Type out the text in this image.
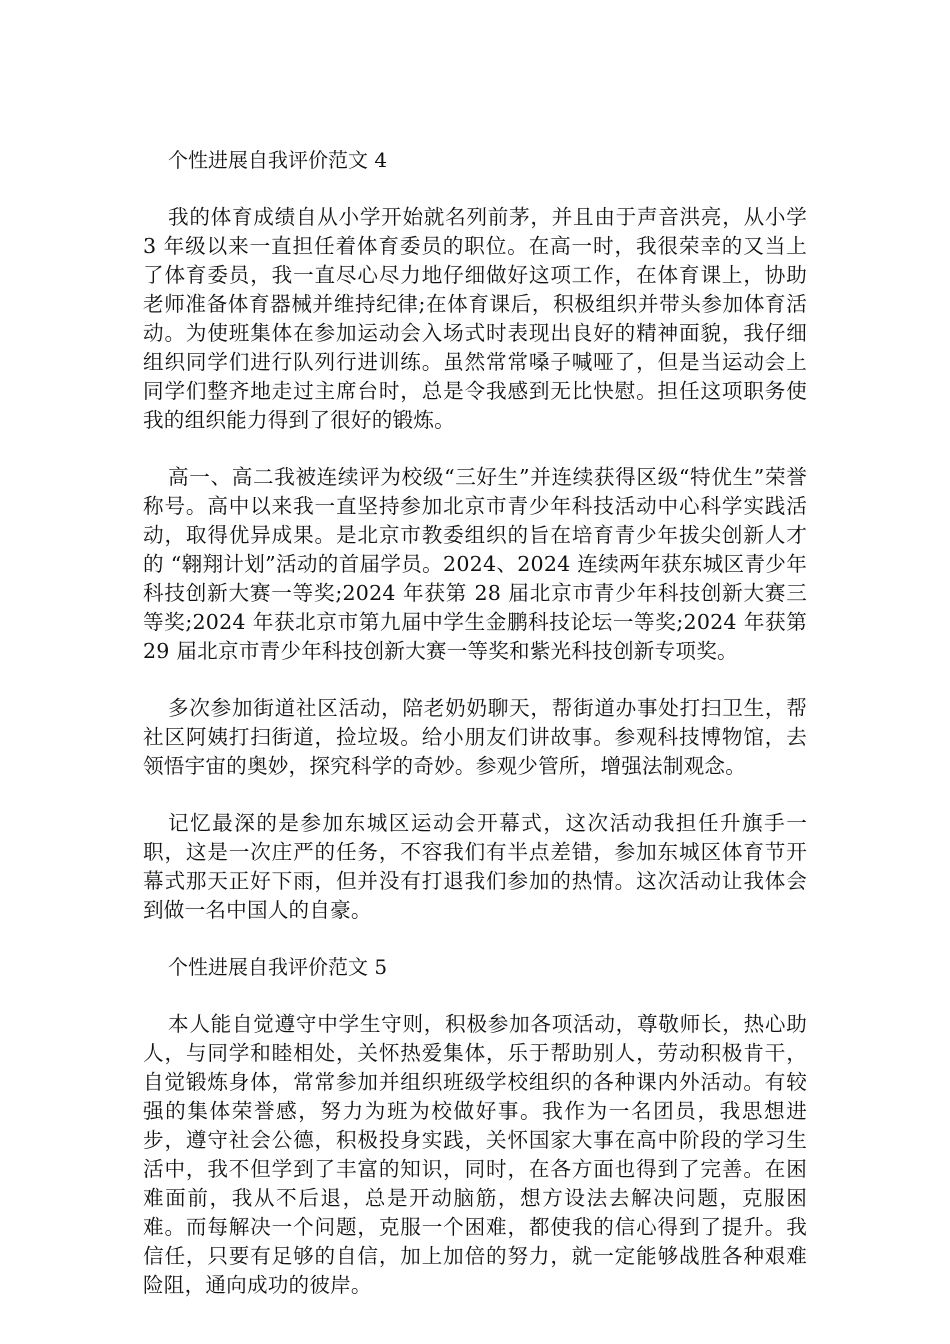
个性进展自我评价范文 4

我的体育成绩自从小学开始就名列前茅，并且由于声音洪亮，从小学 3 年级以来一直担任着体育委员的职位。在高一时，我很荣幸的又当上了体育委员，我一直尽心尽力地仔细做好这项工作，在体育课上，协助老师准备体育器械并维持纪律;在体育课后，积极组织并带头参加体育活动。为使班集体在参加运动会入场式时表现出良好的精神面貌，我仔细组织同学们进行队列行进训练。虽然常常嗓子喊哑了，但是当运动会上同学们整齐地走过主席台时，总是令我感到无比快慰。担任这项职务使我的组织能力得到了很好的锻炼。

高一、高二我被连续评为校级“三好生”并连续获得区级“特优生”荣誉称号。高中以来我一直坚持参加北京市青少年科技活动中心科学实践活动，取得优异成果。是北京市教委组织的旨在培育青少年拔尖创新人才的 “翱翔计划”活动的首届学员。2024、2024 连续两年获东城区青少年科技创新大赛一等奖;2024 年获第 28 届北京市青少年科技创新大赛三等奖;2024 年获北京市第九届中学生金鹏科技论坛一等奖;2024 年获第 29 届北京市青少年科技创新大赛一等奖和紫光科技创新专项奖。

多次参加街道社区活动，陪老奶奶聊天，帮街道办事处打扫卫生，帮社区阿姨打扫街道，捡垃圾。给小朋友们讲故事。参观科技博物馆，去领悟宇宙的奥妙，探究科学的奇妙。参观少管所，增强法制观念。

记忆最深的是参加东城区运动会开幕式，这次活动我担任升旗手一职，这是一次庄严的任务，不容我们有半点差错，参加东城区体育节开幕式那天正好下雨，但并没有打退我们参加的热情。这次活动让我体会到做一名中国人的自豪。

个性进展自我评价范文 5

本人能自觉遵守中学生守则，积极参加各项活动，尊敬师长，热心助人，与同学和睦相处，关怀热爱集体，乐于帮助别人，劳动积极肯干，自觉锻炼身体，常常参加并组织班级学校组织的各种课内外活动。有较强的集体荣誉感，努力为班为校做好事。我作为一名团员，我思想进步，遵守社会公德，积极投身实践，关怀国家大事在高中阶段的学习生活中，我不但学到了丰富的知识，同时，在各方面也得到了完善。在困难面前，我从不后退，总是开动脑筋，想方设法去解决问题，克服困难。而每解决一个问题，克服一个困难，都使我的信心得到了提升。我信任，只要有足够的自信，加上加倍的努力，就一定能够战胜各种艰难险阻，通向成功的彼岸。
